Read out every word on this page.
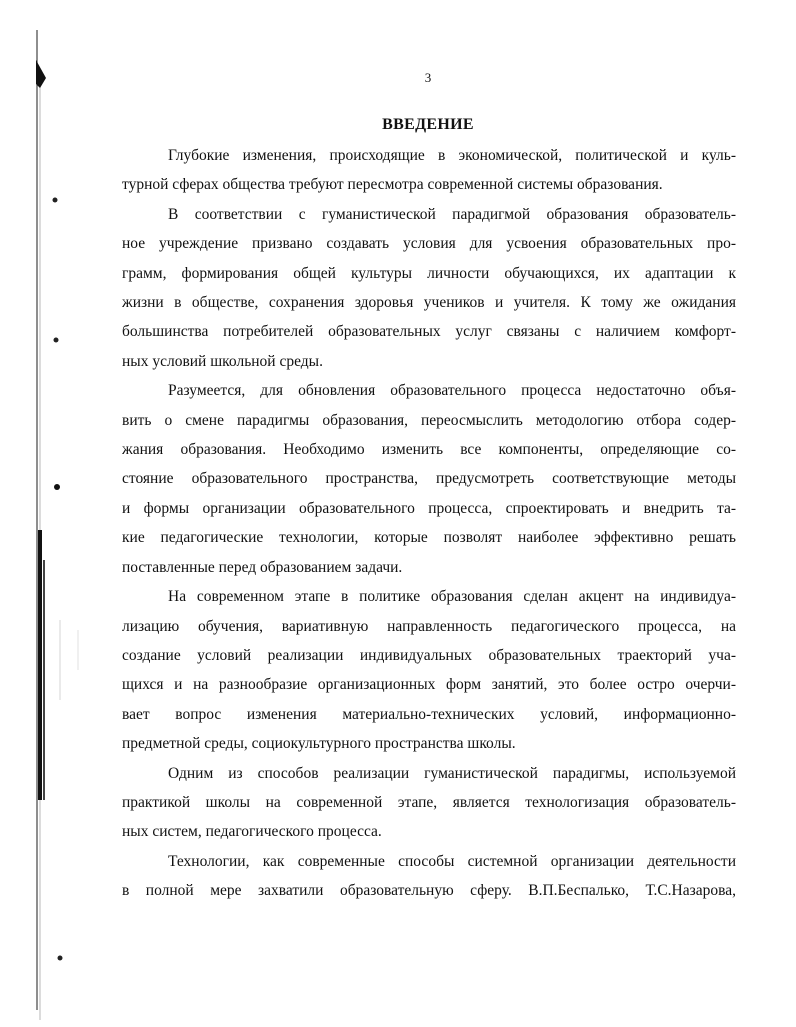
3
ВВЕДЕНИЕ
Глубокие изменения, происходящие в экономической, политической и куль-
турной сферах общества требуют пересмотра современной системы образования.
В соответствии с гуманистической парадигмой образования образователь-
ное учреждение призвано создавать условия для усвоения образовательных про-
грамм, формирования общей культуры личности обучающихся, их адаптации к
жизни в обществе, сохранения здоровья учеников и учителя. К тому же ожидания
большинства потребителей образовательных услуг связаны с наличием комфорт-
ных условий школьной среды.
Разумеется, для обновления образовательного процесса недостаточно объя-
вить о смене парадигмы образования, переосмыслить методологию отбора содер-
жания образования. Необходимо изменить все компоненты, определяющие со-
стояние образовательного пространства, предусмотреть соответствующие методы
и формы организации образовательного процесса, спроектировать и внедрить та-
кие педагогические технологии, которые позволят наиболее эффективно решать
поставленные перед образованием задачи.
На современном этапе в политике образования сделан акцент на индивидуа-
лизацию обучения, вариативную направленность педагогического процесса, на
создание условий реализации индивидуальных образовательных траекторий уча-
щихся и на разнообразие организационных форм занятий, это более остро очерчи-
вает вопрос изменения материально-технических условий, информационно-
предметной среды, социокультурного пространства школы.
Одним из способов реализации гуманистической парадигмы, используемой
практикой школы на современной этапе, является технологизация образователь-
ных систем, педагогического процесса.
Технологии, как современные способы системной организации деятельности
в полной мере захватили образовательную сферу. В.П.Беспалько, Т.С.Назарова,
